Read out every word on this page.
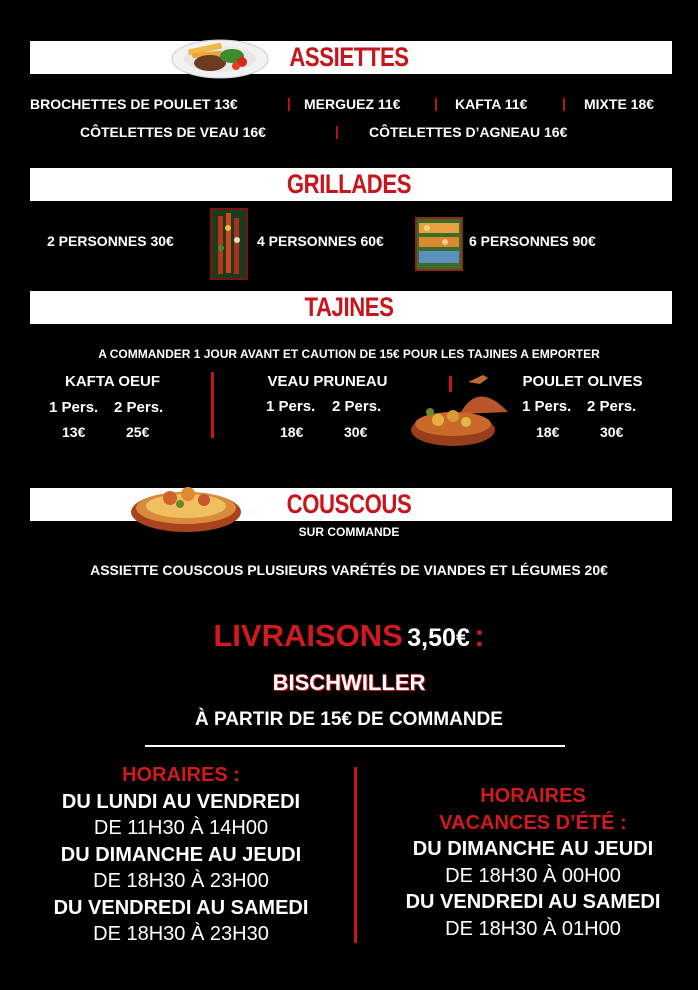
ASSIETTES
BROCHETTES DE POULET 13€	| MERGUEZ 11€ | KAFTA 11€ | MIXTE 18€
CÔTELETTES DE VEAU 16€	| CÔTELETTES D’AGNEAU 16€
GRILLADES
2 PERSONNES 30€	4 PERSONNES 60€	6 PERSONNES 90€
TAJINES
A COMMANDER 1 JOUR AVANT ET CAUTION DE 15€ POUR LES TAJINES A EMPORTER
KAFTA OEUF
1 Pers. 2 Pers.
13€	25€
VEAU PRUNEAU
1 Pers. 2 Pers.
18€	30€
POULET OLIVES
1 Pers. 2 Pers.
18€	30€
COUSCOUS
SUR COMMANDE
ASSIETTE COUSCOUS PLUSIEURS VARÉTÉS DE VIANDES ET LÉGUMES 20€
LIVRAISONS 3,50€ :
BISCHWILLER
À PARTIR DE 15€ DE COMMANDE
HORAIRES :
DU LUNDI AU VENDREDI
DE 11H30 À 14H00
DU DIMANCHE AU JEUDI
DE 18H30 À 23H00
DU VENDREDI AU SAMEDI
DE 18H30 À 23H30
HORAIRES
VACANCES D’ÉTÉ :
DU DIMANCHE AU JEUDI
DE 18H30 À 00H00
DU VENDREDI AU SAMEDI
DE 18H30 À 01H00
